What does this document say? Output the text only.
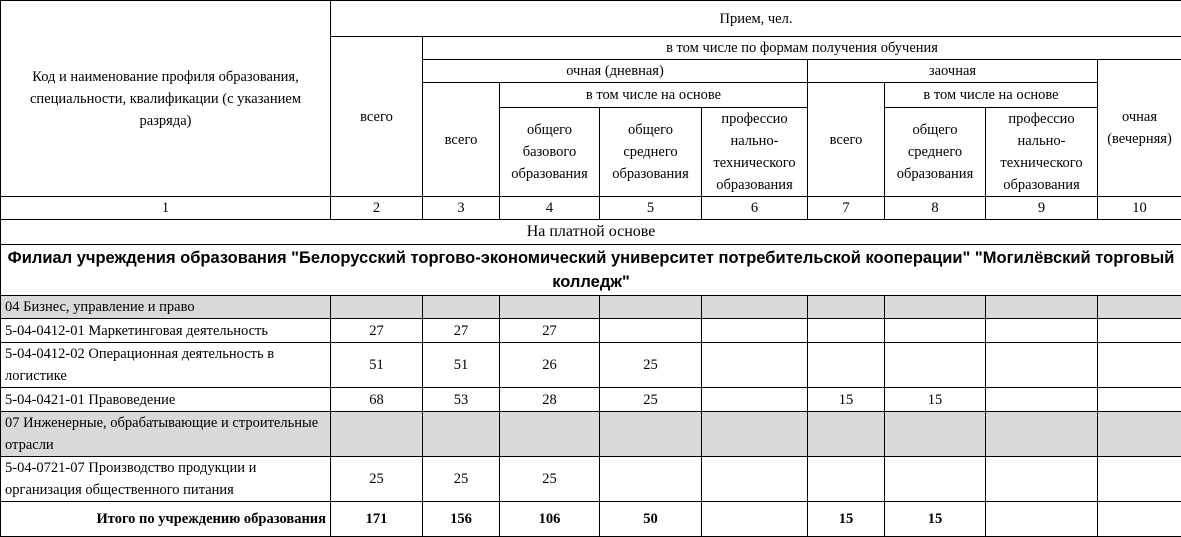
Код и наименование профиля образования, специальности, квалификации (с указанием разряда)	Прием, чел.								
	всего	в том числе по формам получения обучения							
		очная (дневная)				заочная			очная (вечерняя)
		всего	в том числе на основе			всего	в том числе на основе		
			общего базового образования	общего среднего образования	профессио нально-технического образования		общего среднего образования	профессио нально-технического образования	
1	2	3	4	5	6	7	8	9	10
На платной основе									
Филиал учреждения образования "Белорусский торгово-экономический университет потребительской кооперации" "Могилёвский торговый колледж"									
04 Бизнес, управление и право									
5-04-0412-01 Маркетинговая деятельность	27	27	27						
5-04-0412-02 Операционная деятельность в логистике	51	51	26	25					
5-04-0421-01 Правоведение	68	53	28	25		15	15		
07 Инженерные, обрабатывающие и строительные отрасли									
5-04-0721-07 Производство продукции и организация общественного питания	25	25	25						
Итого по учреждению образования	171	156	106	50		15	15		
